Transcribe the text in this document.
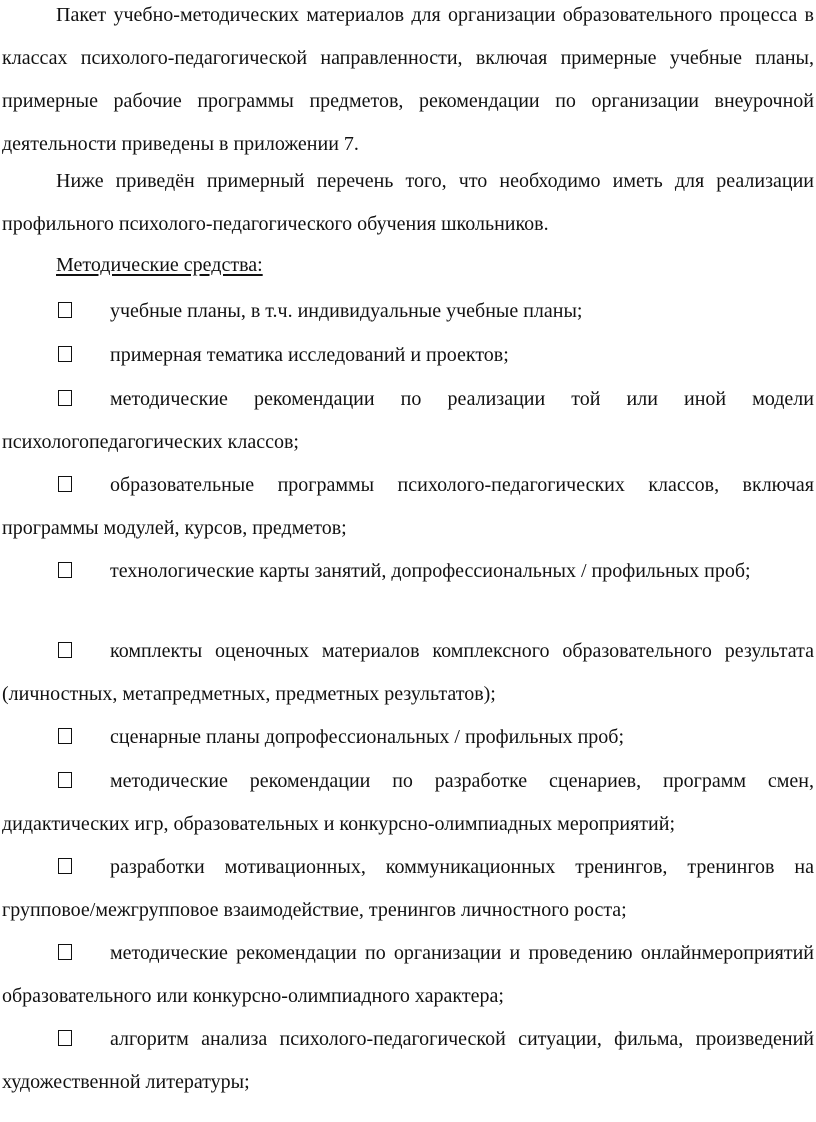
Пакет учебно-методических материалов для организации образовательного процесса в классах психолого-педагогической направленности, включая примерные учебные планы, примерные рабочие программы предметов, рекомендации по организации внеурочной деятельности приведены в приложении 7.

Ниже приведён примерный перечень того, что необходимо иметь для реализации профильного психолого-педагогического обучения школьников.

Методические средства:

учебные планы, в т.ч. индивидуальные учебные планы;

примерная тематика исследований и проектов;

методические рекомендации по реализации той или иной модели психологопедагогических классов;

образовательные программы психолого-педагогических классов, включая программы модулей, курсов, предметов;

технологические карты занятий, допрофессиональных / профильных проб;

комплекты оценочных материалов комплексного образовательного результата (личностных, метапредметных, предметных результатов);

сценарные планы допрофессиональных / профильных проб;

методические рекомендации по разработке сценариев, программ смен, дидактических игр, образовательных и конкурсно-олимпиадных мероприятий;

разработки мотивационных, коммуникационных тренингов, тренингов на групповое/межгрупповое взаимодействие, тренингов личностного роста;

методические рекомендации по организации и проведению онлайнмероприятий образовательного или конкурсно-олимпиадного характера;

алгоритм анализа психолого-педагогической ситуации, фильма, произведений художественной литературы;
